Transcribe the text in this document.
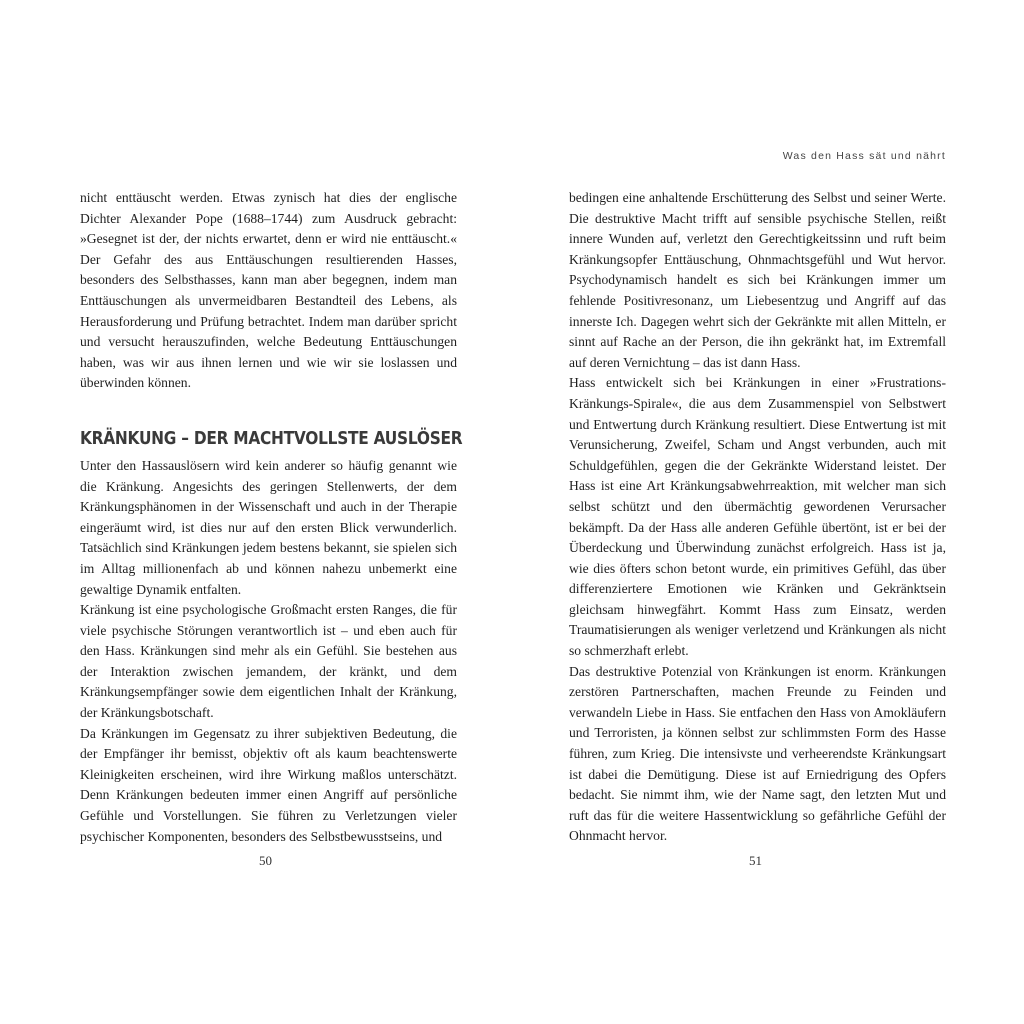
nicht enttäuscht werden. Etwas zynisch hat dies der englische Dichter Alexander Pope (1688–1744) zum Ausdruck gebracht: »Gesegnet ist der, der nichts erwartet, denn er wird nie enttäuscht.« Der Gefahr des aus Enttäuschungen resultierenden Hasses, besonders des Selbsthasses, kann man aber begegnen, indem man Enttäuschungen als unvermeidbaren Bestandteil des Lebens, als Herausforderung und Prüfung betrachtet. Indem man darüber spricht und versucht herauszufinden, welche Bedeutung Enttäuschungen haben, was wir aus ihnen lernen und wie wir sie loslassen und überwinden können.

KRÄNKUNG – DER MACHTVOLLSTE AUSLÖSER

Unter den Hassauslösern wird kein anderer so häufig genannt wie die Kränkung. Angesichts des geringen Stellenwerts, der dem Kränkungsphänomen in der Wissenschaft und auch in der Therapie eingeräumt wird, ist dies nur auf den ersten Blick verwunderlich. Tatsächlich sind Kränkungen jedem bestens bekannt, sie spielen sich im Alltag millionenfach ab und können nahezu unbemerkt eine gewaltige Dynamik entfalten.

Kränkung ist eine psychologische Großmacht ersten Ranges, die für viele psychische Störungen verantwortlich ist – und eben auch für den Hass. Kränkungen sind mehr als ein Gefühl. Sie bestehen aus der Interaktion zwischen jemandem, der kränkt, und dem Kränkungsempfänger sowie dem eigentlichen Inhalt der Kränkung, der Kränkungsbotschaft.

Da Kränkungen im Gegensatz zu ihrer subjektiven Bedeutung, die der Empfänger ihr bemisst, objektiv oft als kaum beachtenswerte Kleinigkeiten erscheinen, wird ihre Wirkung maßlos unterschätzt. Denn Kränkungen bedeuten immer einen Angriff auf persönliche Gefühle und Vorstellungen. Sie führen zu Verletzungen vieler psychischer Komponenten, besonders des Selbstbewusstseins, und

50
Was den Hass sät und nährt

bedingen eine anhaltende Erschütterung des Selbst und seiner Werte. Die destruktive Macht trifft auf sensible psychische Stellen, reißt innere Wunden auf, verletzt den Gerechtigkeitssinn und ruft beim Kränkungsopfer Enttäuschung, Ohnmachtsgefühl und Wut hervor. Psychodynamisch handelt es sich bei Kränkungen immer um fehlende Positivresonanz, um Liebesentzug und Angriff auf das innerste Ich. Dagegen wehrt sich der Gekränkte mit allen Mitteln, er sinnt auf Rache an der Person, die ihn gekränkt hat, im Extremfall auf deren Vernichtung – das ist dann Hass.

Hass entwickelt sich bei Kränkungen in einer »Frustrations-Kränkungs-Spirale«, die aus dem Zusammenspiel von Selbstwert und Entwertung durch Kränkung resultiert. Diese Entwertung ist mit Verunsicherung, Zweifel, Scham und Angst verbunden, auch mit Schuldgefühlen, gegen die der Gekränkte Widerstand leistet. Der Hass ist eine Art Kränkungsabwehrreaktion, mit welcher man sich selbst schützt und den übermächtig gewordenen Verursacher bekämpft. Da der Hass alle anderen Gefühle übertönt, ist er bei der Überdeckung und Überwindung zunächst erfolgreich. Hass ist ja, wie dies öfters schon betont wurde, ein primitives Gefühl, das über differenziertere Emotionen wie Kränken und Gekränktsein gleichsam hinwegfährt. Kommt Hass zum Einsatz, werden Traumatisierungen als weniger verletzend und Kränkungen als nicht so schmerzhaft erlebt.

Das destruktive Potenzial von Kränkungen ist enorm. Kränkungen zerstören Partnerschaften, machen Freunde zu Feinden und verwandeln Liebe in Hass. Sie entfachen den Hass von Amokläufern und Terroristen, ja können selbst zur schlimmsten Form des Hasse führen, zum Krieg. Die intensivste und verheerendste Kränkungsart ist dabei die Demütigung. Diese ist auf Erniedrigung des Opfers bedacht. Sie nimmt ihm, wie der Name sagt, den letzten Mut und ruft das für die weitere Hassentwicklung so gefährliche Gefühl der Ohnmacht hervor.

51
